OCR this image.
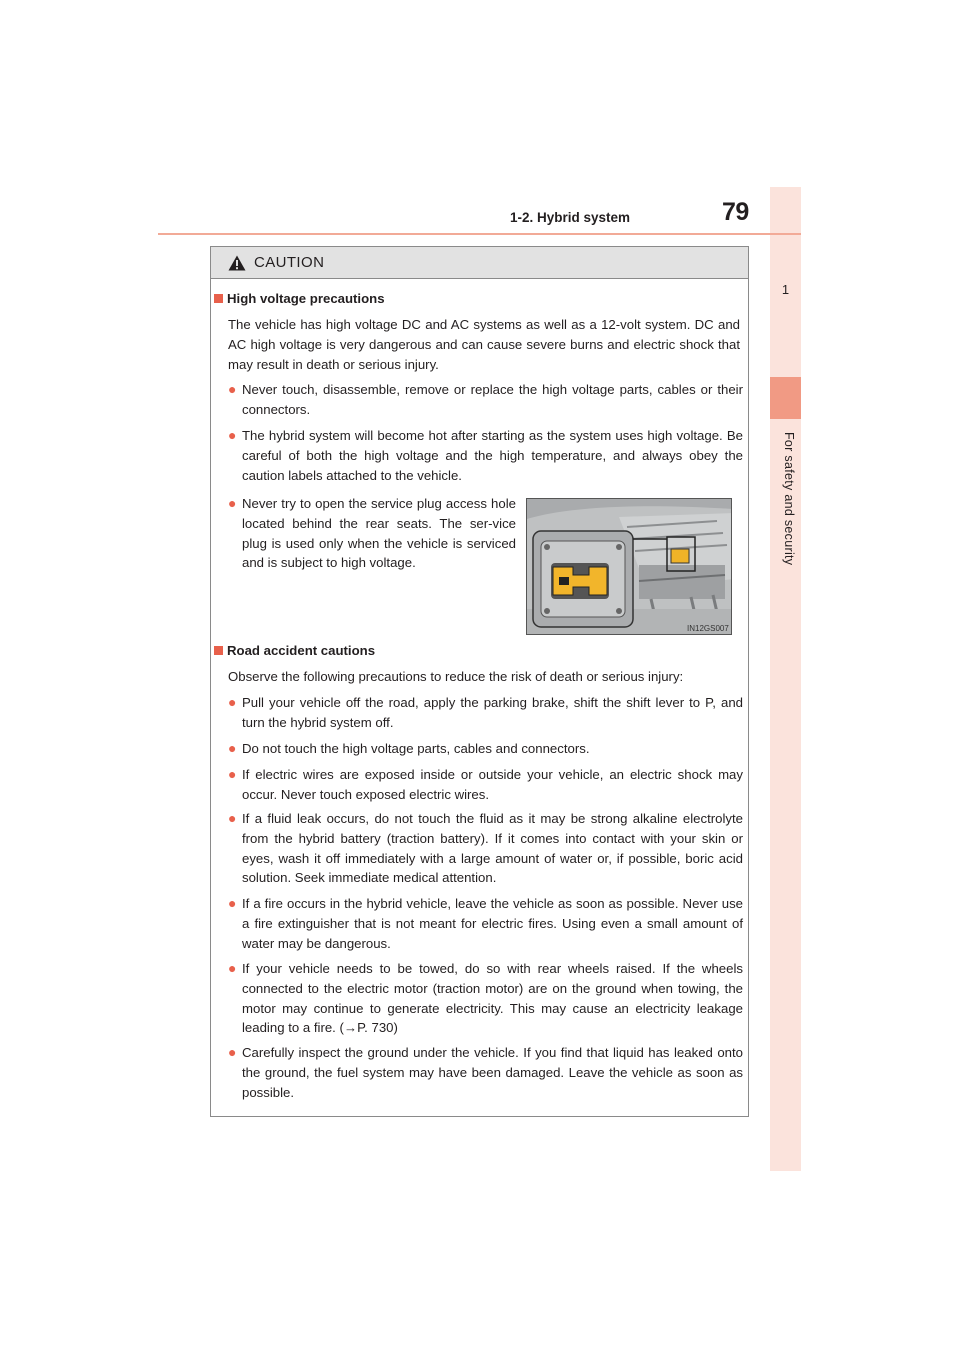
1
For safety and security
1-2. Hybrid system	79
CAUTION
High voltage precautions
The vehicle has high voltage DC and AC systems as well as a 12-volt system. DC and AC high voltage is very dangerous and can cause severe burns and electric shock that may result in death or serious injury.
● Never touch, disassemble, remove or replace the high voltage parts, cables or their connectors.
● The hybrid system will become hot after starting as the system uses high voltage. Be careful of both the high voltage and the high temperature, and always obey the caution labels attached to the vehicle.
● Never try to open the service plug access hole located behind the rear seats. The ser-vice plug is used only when the vehicle is serviced and is subject to high voltage.
IN12GS007
Road accident cautions
Observe the following precautions to reduce the risk of death or serious injury:
● Pull your vehicle off the road, apply the parking brake, shift the shift lever to P, and turn the hybrid system off.
● Do not touch the high voltage parts, cables and connectors.
● If electric wires are exposed inside or outside your vehicle, an electric shock may occur. Never touch exposed electric wires.
● If a fluid leak occurs, do not touch the fluid as it may be strong alkaline electrolyte from the hybrid battery (traction battery). If it comes into contact with your skin or eyes, wash it off immediately with a large amount of water or, if possible, boric acid solution. Seek immediate medical attention.
● If a fire occurs in the hybrid vehicle, leave the vehicle as soon as possible. Never use a fire extinguisher that is not meant for electric fires. Using even a small amount of water may be dangerous.
● If your vehicle needs to be towed, do so with rear wheels raised. If the wheels connected to the electric motor (traction motor) are on the ground when towing, the motor may continue to generate electricity. This may cause an electricity leakage leading to a fire. (→P. 730)
● Carefully inspect the ground under the vehicle. If you find that liquid has leaked onto the ground, the fuel system may have been damaged. Leave the vehicle as soon as possible.
